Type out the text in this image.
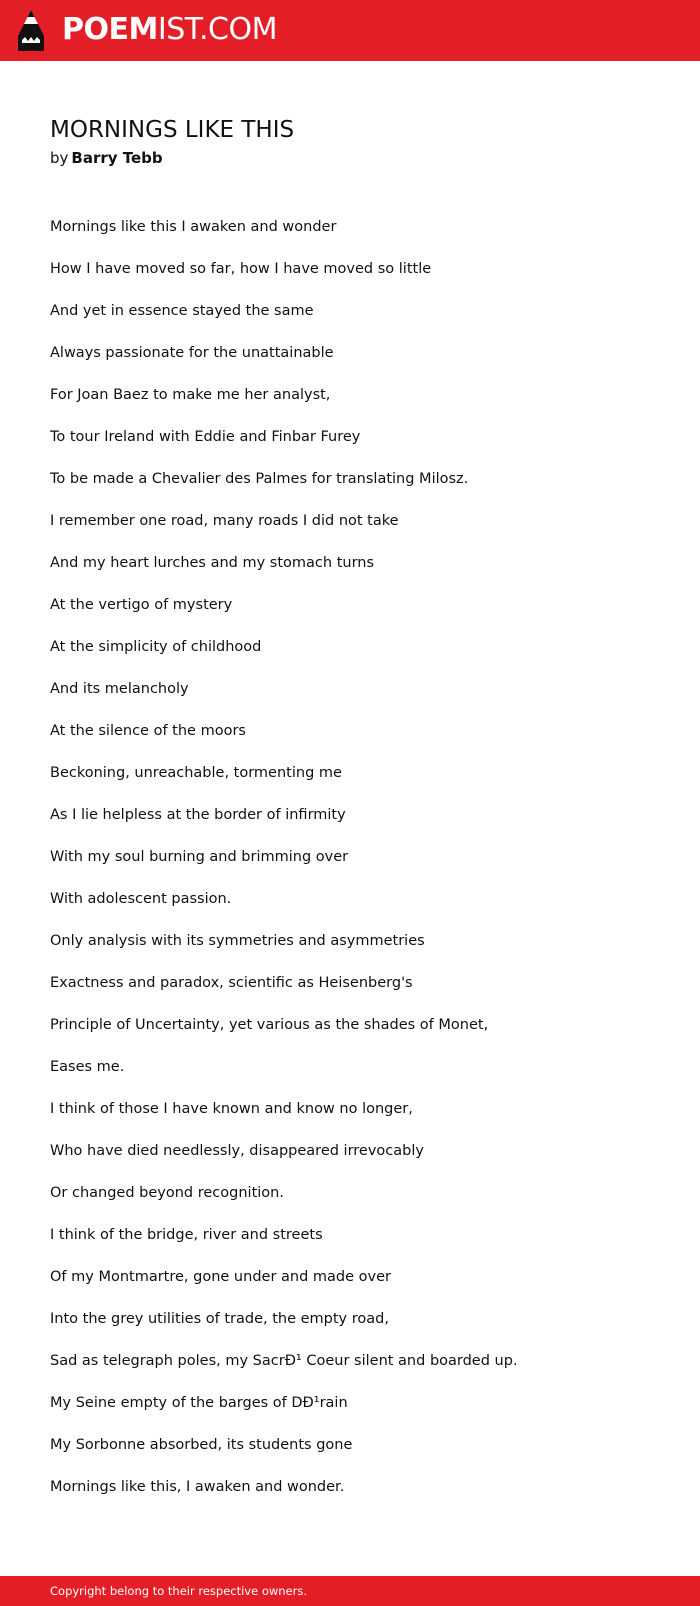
POEMIST.COM
MORNINGS LIKE THIS
by Barry Tebb
Mornings like this I awaken and wonder
How I have moved so far, how I have moved so little
And yet in essence stayed the same
Always passionate for the unattainable
For Joan Baez to make me her analyst,
To tour Ireland with Eddie and Finbar Furey
To be made a Chevalier des Palmes for translating Milosz.
I remember one road, many roads I did not take
And my heart lurches and my stomach turns
At the vertigo of mystery
At the simplicity of childhood
And its melancholy
At the silence of the moors
Beckoning, unreachable, tormenting me
As I lie helpless at the border of infirmity
With my soul burning and brimming over
With adolescent passion.
Only analysis with its symmetries and asymmetries
Exactness and paradox, scientific as Heisenberg's
Principle of Uncertainty, yet various as the shades of Monet,
Eases me.
I think of those I have known and know no longer,
Who have died needlessly, disappeared irrevocably
Or changed beyond recognition.
I think of the bridge, river and streets
Of my Montmartre, gone under and made over
Into the grey utilities of trade, the empty road,
Sad as telegraph poles, my SacrÐ¹ Coeur silent and boarded up.
My Seine empty of the barges of DÐ¹rain
My Sorbonne absorbed, its students gone
Mornings like this, I awaken and wonder.
Copyright belong to their respective owners.
